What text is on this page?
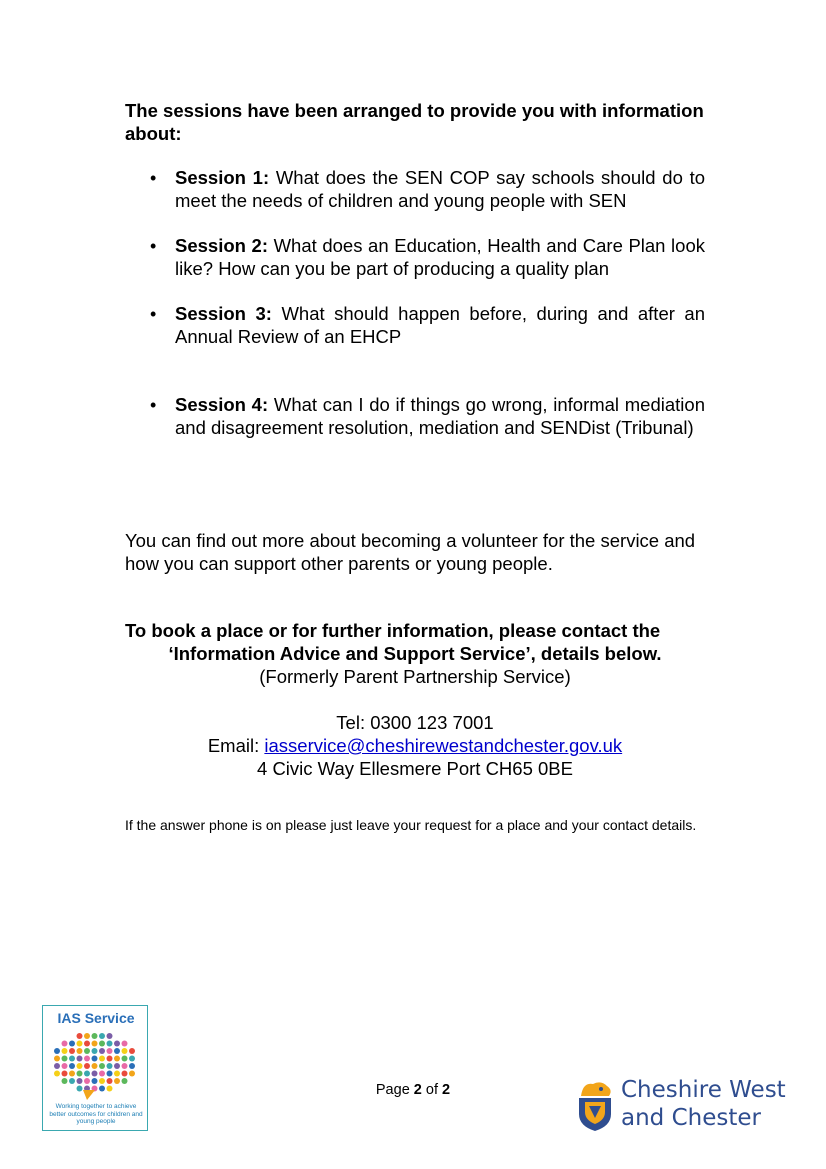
The sessions have been arranged to provide you with information about:
• Session 1: What does the SEN COP say schools should do to meet the needs of children and young people with SEN
• Session 2: What does an Education, Health and Care Plan look like? How can you be part of producing a quality plan
• Session 3: What should happen before, during and after an Annual Review of an EHCP
• Session 4: What can I do if things go wrong, informal mediation and disagreement resolution, mediation and SENDist (Tribunal)
You can find out more about becoming a volunteer for the service and how you can support other parents or young people.
To book a place or for further information, please contact the
‘Information Advice and Support Service’, details below.
(Formerly Parent Partnership Service)
Tel: 0300 123 7001
Email: iasservice@cheshirewestandchester.gov.uk
4 Civic Way Ellesmere Port CH65 0BE
If the answer phone is on please just leave your request for a place and your contact details.
IAS Service
Working together to achieve better outcomes for children and young people
Page 2 of 2	Cheshire West
and Chester
